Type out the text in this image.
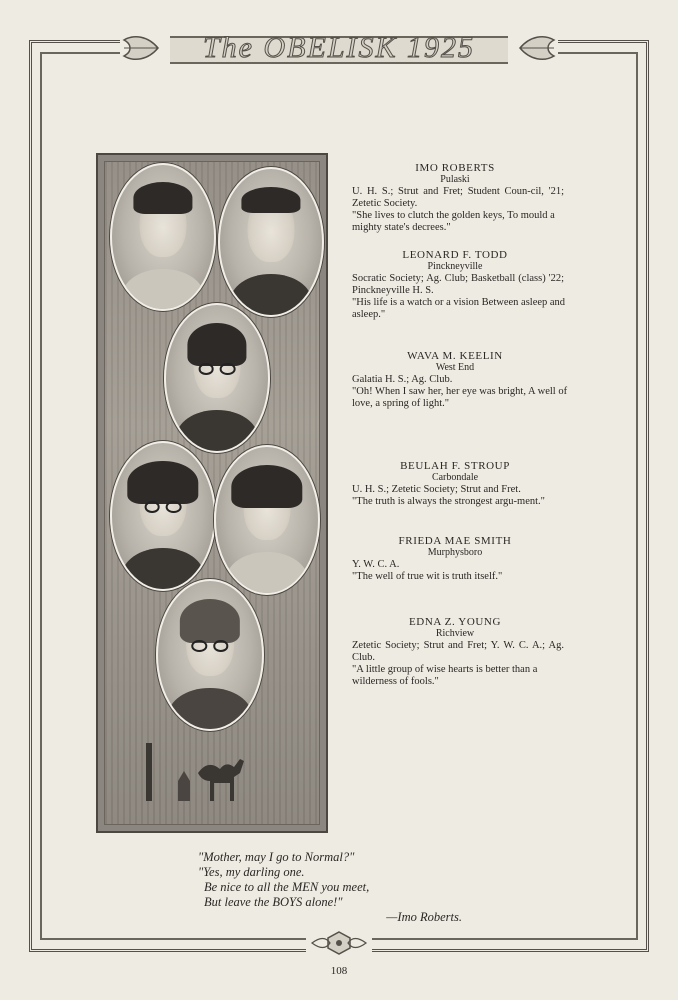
The OBELISK 1925
IMO ROBERTS
Pulaski
U. H. S.; Strut and Fret; Student Coun-cil, '21; Zetetic Society.
"She lives to clutch the golden keys, To mould a mighty state's decrees."
LEONARD F. TODD
Pinckneyville
Socratic Society; Ag. Club; Basketball (class) '22; Pinckneyville H. S.
"His life is a watch or a vision Between asleep and asleep."
WAVA M. KEELIN
West End
Galatia H. S.; Ag. Club.
"Oh! When I saw her, her eye was bright, A well of love, a spring of light."
BEULAH F. STROUP
Carbondale
U. H. S.; Zetetic Society; Strut and Fret.
"The truth is always the strongest argu-ment."
FRIEDA MAE SMITH
Murphysboro
Y. W. C. A.
"The well of true wit is truth itself."
EDNA Z. YOUNG
Richview
Zetetic Society; Strut and Fret; Y. W. C. A.; Ag. Club.
"A little group of wise hearts is better than a wilderness of fools."
"Mother, may I go to Normal?"
"Yes, my darling one.
Be nice to all the MEN you meet,
But leave the BOYS alone!"
—Imo Roberts.
108
